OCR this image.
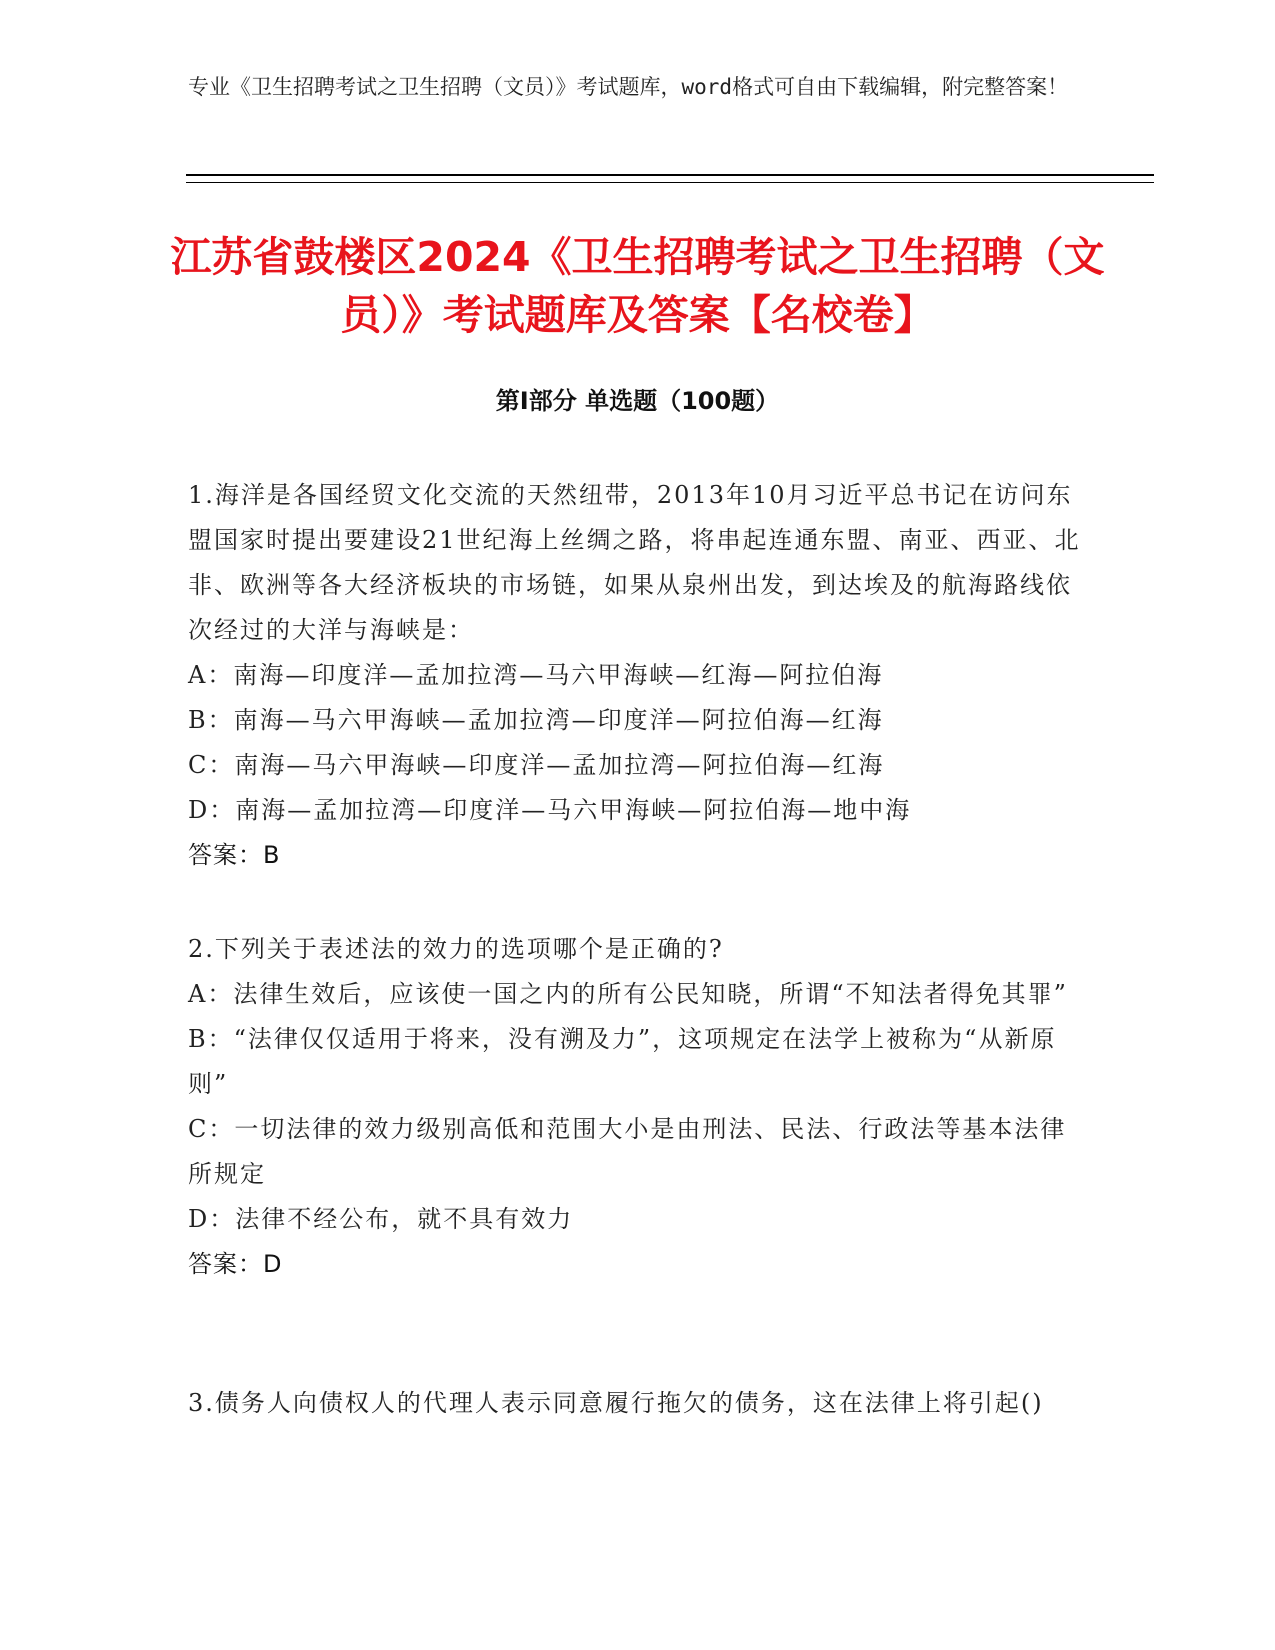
专业《卫生招聘考试之卫生招聘（文员）》考试题库，word格式可自由下载编辑，附完整答案！
江苏省鼓楼区2024《卫生招聘考试之卫生招聘（文员）》考试题库及答案【名校卷】
第I部分 单选题（100题）

1.海洋是各国经贸文化交流的天然纽带，2013年10月习近平总书记在访问东盟国家时提出要建设21世纪海上丝绸之路，将串起连通东盟、南亚、西亚、北非、欧洲等各大经济板块的市场链，如果从泉州出发，到达埃及的航海路线依次经过的大洋与海峡是：

A：南海—印度洋—孟加拉湾—马六甲海峡—红海—阿拉伯海

B：南海—马六甲海峡—孟加拉湾—印度洋—阿拉伯海—红海

C：南海—马六甲海峡—印度洋—孟加拉湾—阿拉伯海—红海

D：南海—孟加拉湾—印度洋—马六甲海峡—阿拉伯海—地中海

答案：B

2.下列关于表述法的效力的选项哪个是正确的?

A：法律生效后，应该使一国之内的所有公民知晓，所谓“不知法者得免其罪”

B：“法律仅仅适用于将来，没有溯及力”，这项规定在法学上被称为“从新原则”

C：一切法律的效力级别高低和范围大小是由刑法、民法、行政法等基本法律所规定

D：法律不经公布，就不具有效力

答案：D

3.债务人向债权人的代理人表示同意履行拖欠的债务，这在法律上将引起()
